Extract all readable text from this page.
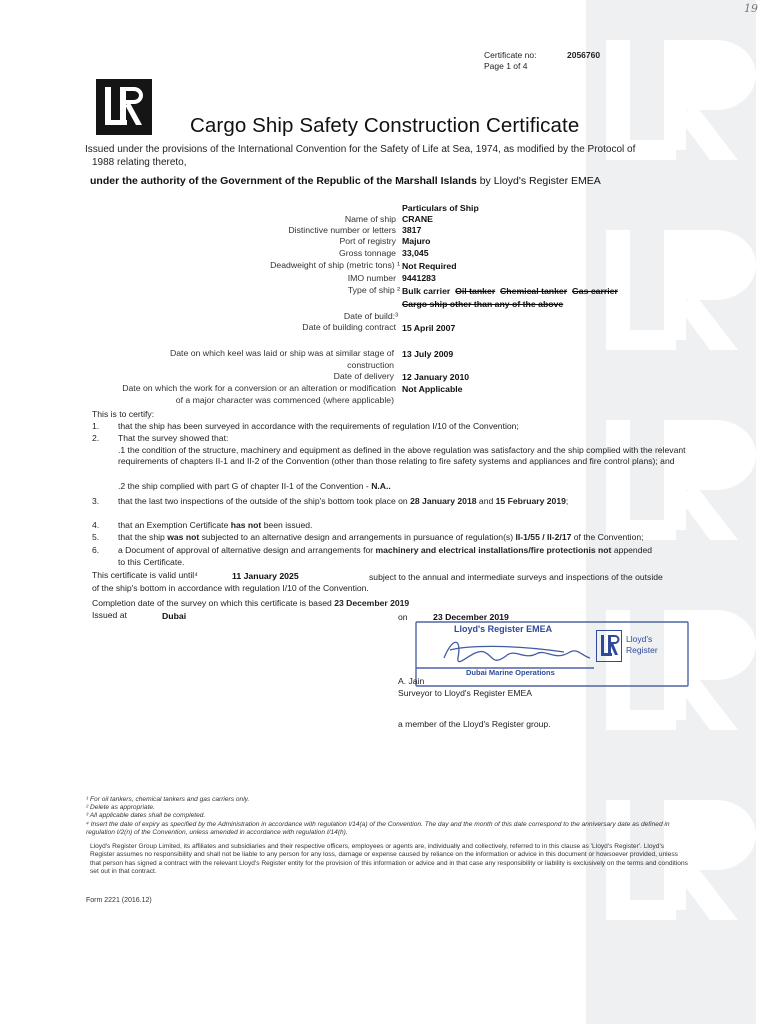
19
Certificate no:	2056760
Page 1 of 4
Cargo Ship Safety Construction Certificate
Issued under the provisions of the International Convention for the Safety of Life at Sea, 1974, as modified by the Protocol of
1988 relating thereto,
under the authority of the Government of the Republic of the Marshall Islands by Lloyd's Register EMEA
Particulars of Ship
Name of ship CRANE
Distinctive number or letters 3817
Port of registry Majuro
Gross tonnage 33,045
Deadweight of ship (metric tons) ¹ Not Required
IMO number 9441283
Type of ship ² Bulk carrier Oil tanker Chemical tanker Gas carrier
Cargo ship other than any of the above
Date of build:³
Date of building contract 15 April 2007
Date on which keel was laid or ship was at similar stage of
construction
13 July 2009
Date of delivery 12 January 2010
Date on which the work for a conversion or an alteration or modification
of a major character was commenced (where applicable)
Not Applicable
This is to certify:
1. that the ship has been surveyed in accordance with the requirements of regulation I/10 of the Convention;
2. That the survey showed that:
.1 the condition of the structure, machinery and equipment as defined in the above regulation was satisfactory and the ship complied with the relevant requirements of chapters II-1 and II-2 of the Convention (other than those relating to fire safety systems and appliances and fire control plans); and
.2 the ship complied with part G of chapter II-1 of the Convention - N.A..
3. that the last two inspections of the outside of the ship's bottom took place on 28 January 2018 and 15 February 2019;
4. that an Exemption Certificate has not been issued.
5. that the ship was not subjected to an alternative design and arrangements in pursuance of regulation(s) II-1/55 / II-2/17 of the Convention;
6. a Document of approval of alternative design and arrangements for machinery and electrical installations/fire protectionis not appended
to this Certificate.
This certificate is valid until⁴	11 January 2025	subject to the annual and intermediate surveys and inspections of the outside
of the ship's bottom in accordance with regulation I/10 of the Convention.
Completion date of the survey on which this certificate is based 23 December 2019
Issued at	Dubai	on	23 December 2019
Lloyd's Register EMEA
Dubai Marine Operations
Lloyd's
Register
A. Jain
Surveyor to Lloyd's Register EMEA
a member of the Lloyd's Register group.
¹ For oil tankers, chemical tankers and gas carriers only.
² Delete as appropriate.
³ All applicable dates shall be completed.
⁴ Insert the date of expiry as specified by the Administration in accordance with regulation I/14(a) of the Convention. The day and the month of this date correspond to the anniversary date as defined in regulation I/2(n) of the Convention, unless amended in accordance with regulation I/14(h).
Lloyd's Register Group Limited, its affiliates and subsidiaries and their respective officers, employees or agents are, individually and collectively, referred to in this clause as 'Lloyd's Register'. Lloyd's Register assumes no responsibility and shall not be liable to any person for any loss, damage or expense caused by reliance on the information or advice in this document or howsoever provided, unless that person has signed a contract with the relevant Lloyd's Register entity for the provision of this information or advice and in that case any responsibility or liability is exclusively on the terms and conditions set out in that contract.
Form 2221 (2016.12)
